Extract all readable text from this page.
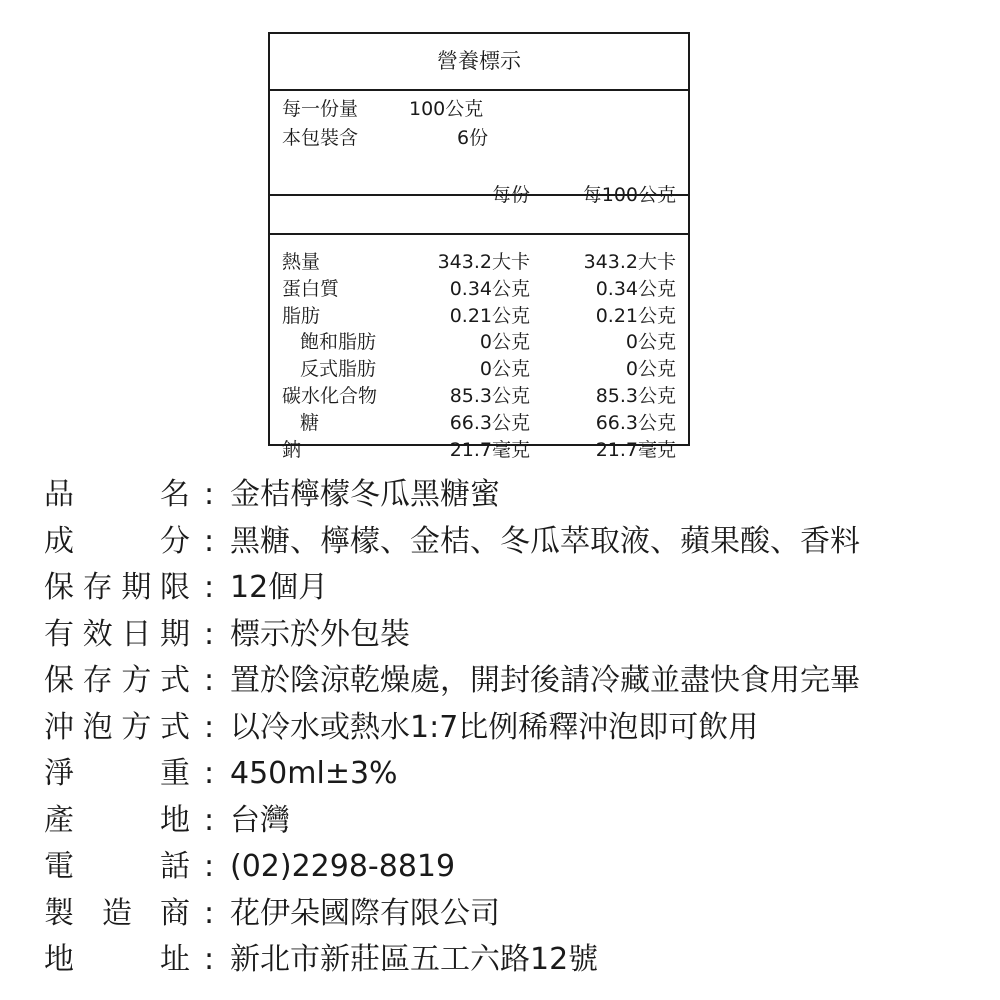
營養標示
每一份量	100公克
本包裝含	6份
每份	每100公克
熱量	343.2大卡	343.2大卡
蛋白質	0.34公克	0.34公克
脂肪	0.21公克	0.21公克
飽和脂肪	0公克	0公克
反式脂肪	0公克	0公克
碳水化合物	85.3公克	85.3公克
糖	66.3公克	66.3公克
鈉	21.7毫克	21.7毫克
品	名 : 金桔檸檬冬瓜黑糖蜜
成	分 : 黑糖、檸檬、金桔、冬瓜萃取液、蘋果酸、香料
保 存 期 限 : 12個月
有 效 日 期 : 標示於外包裝
保 存 方 式 : 置於陰涼乾燥處，開封後請冷藏並盡快食用完畢
沖 泡 方 式 : 以冷水或熱水1:7比例稀釋沖泡即可飲用
淨	重 : 450ml±3%
產	地 : 台灣
電	話 : (02)2298-8819
製 造 商 : 花伊朵國際有限公司
地	址 : 新北市新莊區五工六路12號
